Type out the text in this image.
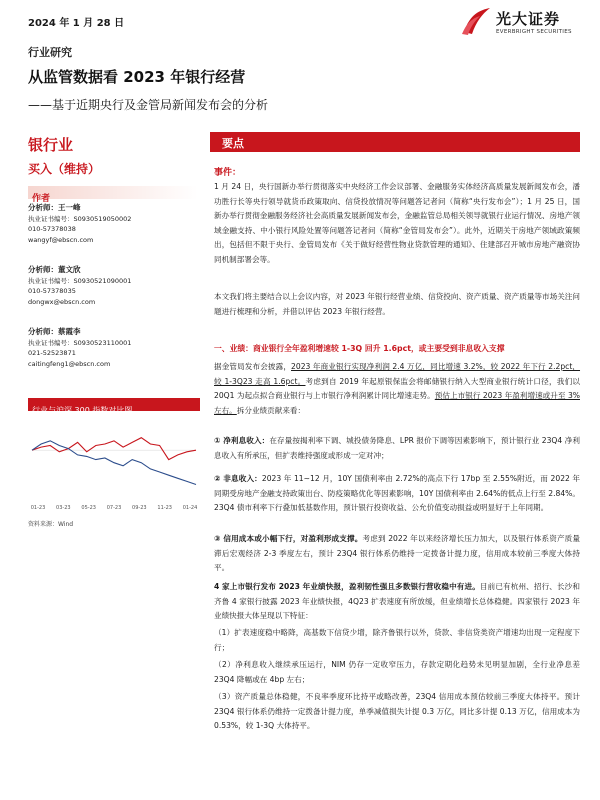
2024 年 1 月 28 日	光大证券
EVERBRIGHT SECURITIES
行业研究
从监管数据看 2023 年银行经营
——基于近期央行及金管局新闻发布会的分析
银行业
买入（维持）
作者
分析师：王一峰
执业证书编号：S0930519050002
010-57378038
wangyf@ebscn.com
分析师：董文欣
执业证书编号：S0930521090001
010-57378035
dongwx@ebscn.com
分析师：蔡霞李
执业证书编号：S0930523110001
021-52523871
caitingfeng1@ebscn.com
行业与沪深 300 指数对比图
01-23 03-23 05-23 07-23 09-23 11-23 01-24
资料来源：Wind
要点
事件：

1 月 24 日，央行国新办举行贯彻落实中央经济工作会议部署、金融服务实体经济高质量发展新闻发布会，潘功胜行长等央行领导就货币政策取向、信贷投放情况等问题答记者问（简称“央行发布会”）；1 月 25 日，国新办举行贯彻金融服务经济社会高质量发展新闻发布会，金融监管总局相关领导就银行业运行情况、房地产领域金融支持、中小银行风险处置等问题答记者问（简称“金管局发布会”）。此外，近期关于房地产领域政策频出，包括但不限于央行、金管局发布《关于做好经营性物业贷款管理的通知》、住建部召开城市房地产融资协同机制部署会等。

本文我们将主要结合以上会议内容，对 2023 年银行经营业绩、信贷投向、资产质量、资产质量等市场关注问题进行梳理和分析，并借以评估 2023 年银行经营。

一、业绩：商业银行全年盈利增速较 1-3Q 回升 1.6pct，或主要受到非息收入支撑

据金管局发布会披露，2023 年商业银行实现净利润 2.4 万亿，同比增速 3.2%，较 2022 年下行 2.2pct，较 1-3Q23 走高 1.6pct。考虑到自 2019 年起原银保监会将邮储银行纳入大型商业银行统计口径，我们以 20Q1 为起点拟合商业银行与上市银行净利润累计同比增速走势。预估上市银行 2023 年盈利增速或升至 3%左右。拆分业绩贡献来看：

① 净利息收入：在存量按揭利率下调、城投债务降息、LPR 报价下调等因素影响下，预计银行业 23Q4 净利息收入有所承压，但扩表维持强度或形成一定对冲；

② 非息收入：2023 年 11~12 月，10Y 国债利率由 2.72%的高点下行 17bp 至 2.55%附近，而 2022 年同期受房地产金融支持政策出台、防疫策略优化等因素影响，10Y 国债利率由 2.64%的低点上行至 2.84%。23Q4 债市利率下行叠加低基数作用，预计银行投资收益、公允价值变动损益或明显好于上年同期。

③ 信用成本或小幅下行，对盈利形成支撑。考虑到 2022 年以来经济增长压力加大，以及银行体系资产质量滞后宏观经济 2-3 季度左右，预计 23Q4 银行体系仍维持一定拨备计提力度，信用成本较前三季度大体持平。

4 家上市银行发布 2023 年业绩快报，盈利韧性强且多数银行营收稳中有进。目前已有杭州、招行、长沙和齐鲁 4 家银行披露 2023 年业绩快报，4Q23 扩表速度有所放缓，但业绩增长总体稳健。四家银行 2023 年业绩快报大体呈现以下特征：

（1）扩表速度稳中略降，高基数下信贷少增，除齐鲁银行以外，贷款、非信贷类资产增速均出现一定程度下行；

（2）净利息收入继续承压运行，NIM 仍存一定收窄压力，存款定期化趋势未见明显加剧，全行业净息差 23Q4 降幅或在 4bp 左右；

（3）资产质量总体稳健，不良率季度环比持平或略改善，23Q4 信用成本预估较前三季度大体持平。预计 23Q4 银行体系仍维持一定拨备计提力度，单季减值损失计提 0.3 万亿，同比多计提 0.13 万亿，信用成本为 0.53%，较 1-3Q 大体持平。
